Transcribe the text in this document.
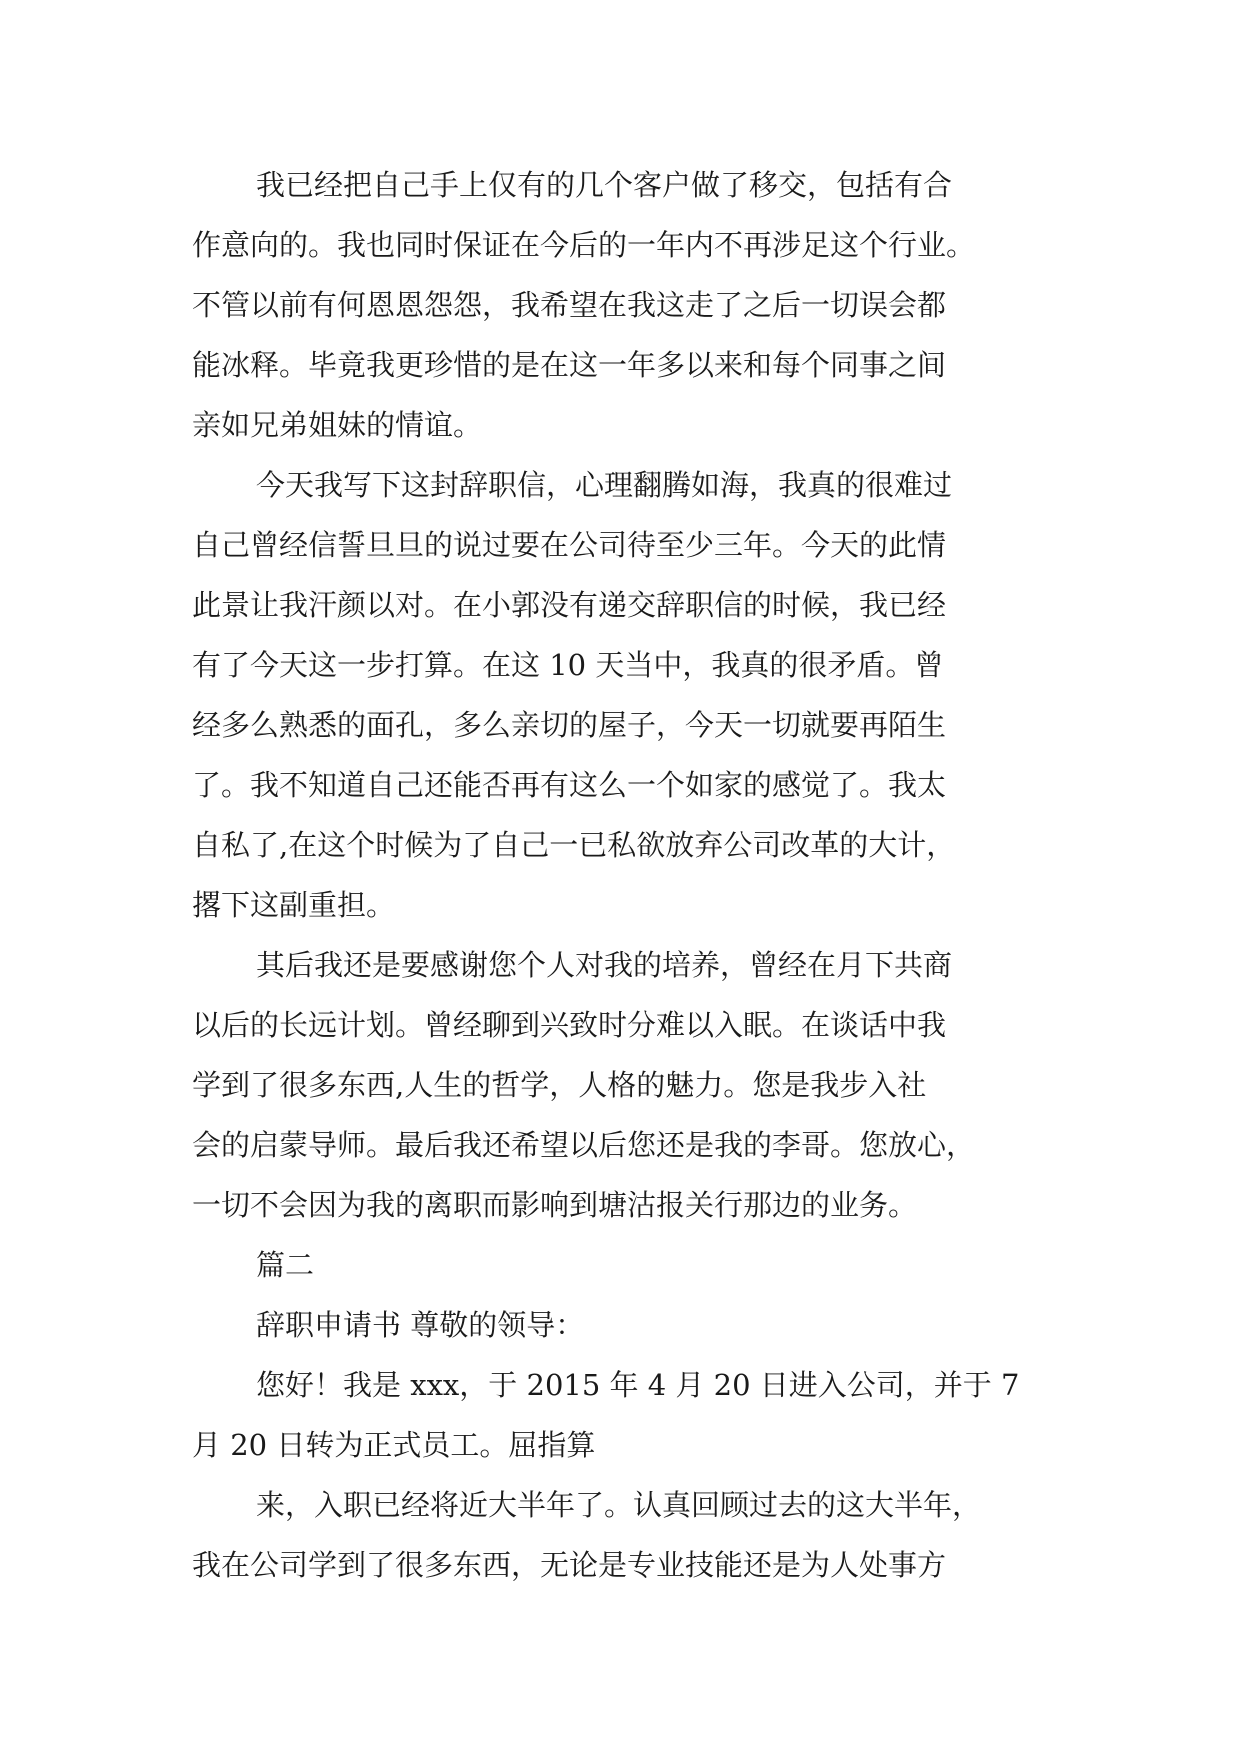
我已经把自己手上仅有的几个客户做了移交，包括有合
作意向的。我也同时保证在今后的一年内不再涉足这个行业。
不管以前有何恩恩怨怨，我希望在我这走了之后一切误会都
能冰释。毕竟我更珍惜的是在这一年多以来和每个同事之间
亲如兄弟姐妹的情谊。
今天我写下这封辞职信，心理翻腾如海，我真的很难过
自己曾经信誓旦旦的说过要在公司待至少三年。今天的此情
此景让我汗颜以对。在小郭没有递交辞职信的时候，我已经
有了今天这一步打算。在这 10 天当中，我真的很矛盾。曾
经多么熟悉的面孔，多么亲切的屋子，今天一切就要再陌生
了。我不知道自己还能否再有这么一个如家的感觉了。我太
自私了,在这个时候为了自己一已私欲放弃公司改革的大计，
撂下这副重担。
其后我还是要感谢您个人对我的培养，曾经在月下共商
以后的长远计划。曾经聊到兴致时分难以入眠。在谈话中我
学到了很多东西,人生的哲学，人格的魅力。您是我步入社
会的启蒙导师。最后我还希望以后您还是我的李哥。您放心，
一切不会因为我的离职而影响到塘沽报关行那边的业务。
篇二
辞职申请书 尊敬的领导：
您好！我是 xxx，于 2015 年 4 月 20 日进入公司，并于 7
月 20 日转为正式员工。屈指算
来，入职已经将近大半年了。认真回顾过去的这大半年，
我在公司学到了很多东西，无论是专业技能还是为人处事方
